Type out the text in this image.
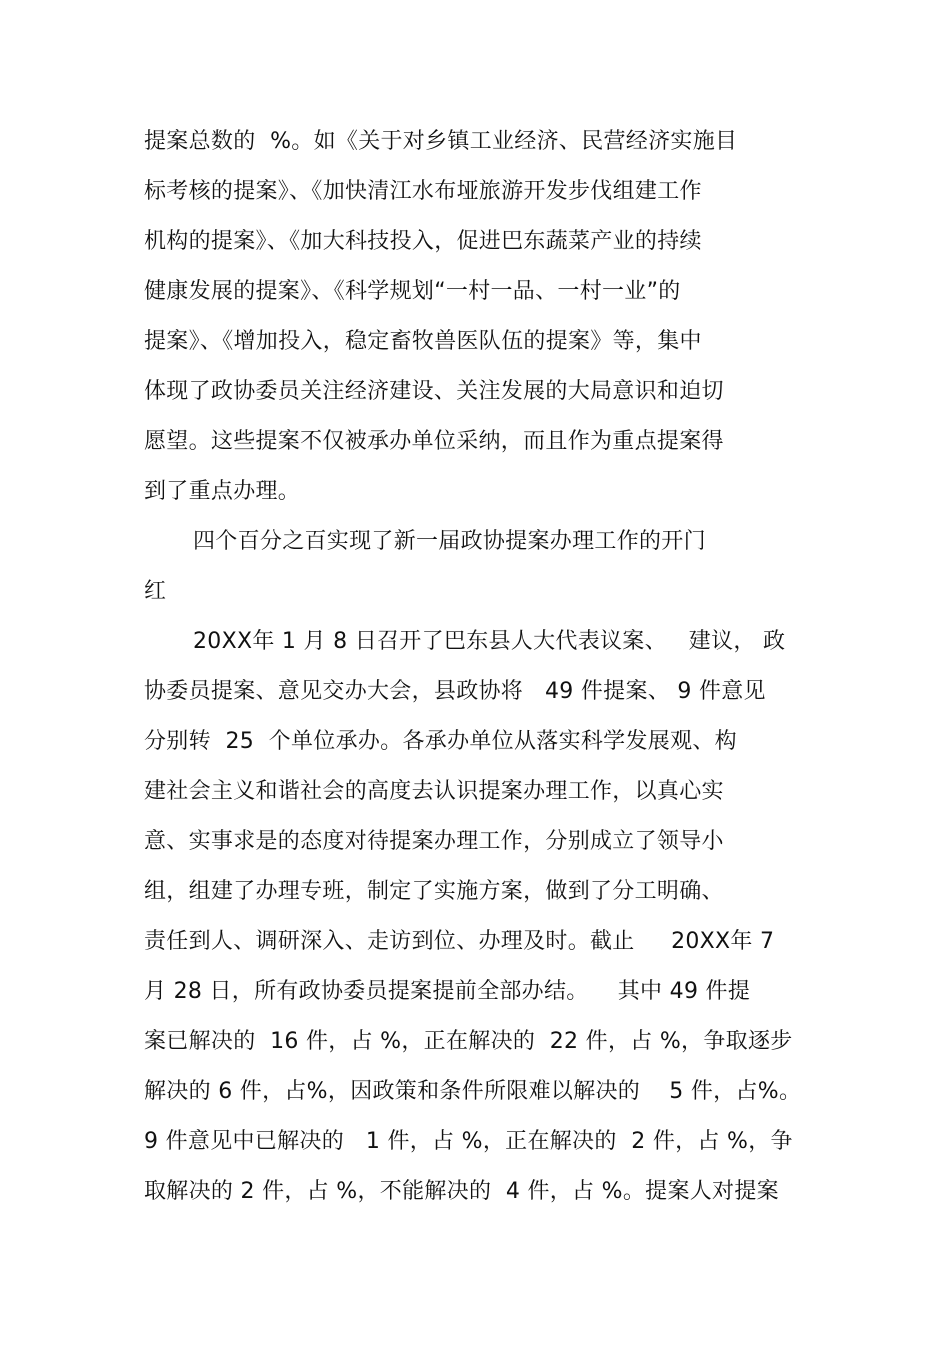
提案总数的  %。如《关于对乡镇工业经济、民营经济实施目
标考核的提案》、《加快清江水布垭旅游开发步伐组建工作
机构的提案》、《加大科技投入，促进巴东蔬菜产业的持续
健康发展的提案》、《科学规划“一村一品、一村一业”的
提案》、《增加投入，稳定畜牧兽医队伍的提案》等，集中
体现了政协委员关注经济建设、关注发展的大局意识和迫切
愿望。这些提案不仅被承办单位采纳，而且作为重点提案得
到了重点办理。
四个百分之百实现了新一届政协提案办理工作的开门
红
20XX年 1 月 8 日召开了巴东县人大代表议案、   建议， 政
协委员提案、意见交办大会，县政协将   49 件提案、 9 件意见
分别转  25  个单位承办。各承办单位从落实科学发展观、构
建社会主义和谐社会的高度去认识提案办理工作，以真心实
意、实事求是的态度对待提案办理工作，分别成立了领导小
组，组建了办理专班，制定了实施方案，做到了分工明确、
责任到人、调研深入、走访到位、办理及时。截止     20XX年 7
月 28 日，所有政协委员提案提前全部办结。    其中 49 件提
案已解决的  16 件，占 %，正在解决的  22 件，占 %，争取逐步
解决的 6 件，占%，因政策和条件所限难以解决的    5 件，占%。
9 件意见中已解决的   1 件，占 %，正在解决的  2 件，占 %，争
取解决的 2 件，占 %，不能解决的  4 件，占 %。提案人对提案
